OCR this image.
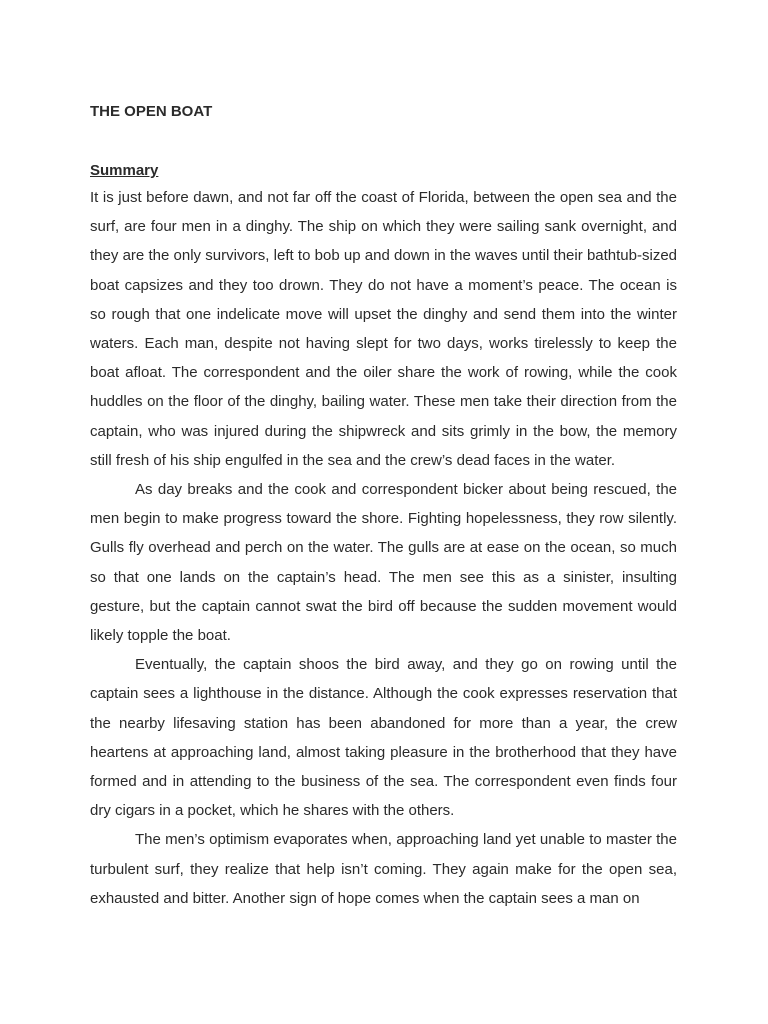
THE OPEN BOAT
Summary

It is just before dawn, and not far off the coast of Florida, between the open sea and the surf, are four men in a dinghy. The ship on which they were sailing sank overnight, and they are the only survivors, left to bob up and down in the waves until their bathtub-sized boat capsizes and they too drown. They do not have a moment’s peace. The ocean is so rough that one indelicate move will upset the dinghy and send them into the winter waters. Each man, despite not having slept for two days, works tirelessly to keep the boat afloat. The correspondent and the oiler share the work of rowing, while the cook huddles on the floor of the dinghy, bailing water. These men take their direction from the captain, who was injured during the shipwreck and sits grimly in the bow, the memory still fresh of his ship engulfed in the sea and the crew’s dead faces in the water.

As day breaks and the cook and correspondent bicker about being rescued, the men begin to make progress toward the shore. Fighting hopelessness, they row silently. Gulls fly overhead and perch on the water. The gulls are at ease on the ocean, so much so that one lands on the captain’s head. The men see this as a sinister, insulting gesture, but the captain cannot swat the bird off because the sudden movement would likely topple the boat.

Eventually, the captain shoos the bird away, and they go on rowing until the captain sees a lighthouse in the distance. Although the cook expresses reservation that the nearby lifesaving station has been abandoned for more than a year, the crew heartens at approaching land, almost taking pleasure in the brotherhood that they have formed and in attending to the business of the sea. The correspondent even finds four dry cigars in a pocket, which he shares with the others.

The men’s optimism evaporates when, approaching land yet unable to master the turbulent surf, they realize that help isn’t coming. They again make for the open sea, exhausted and bitter. Another sign of hope comes when the captain sees a man on
